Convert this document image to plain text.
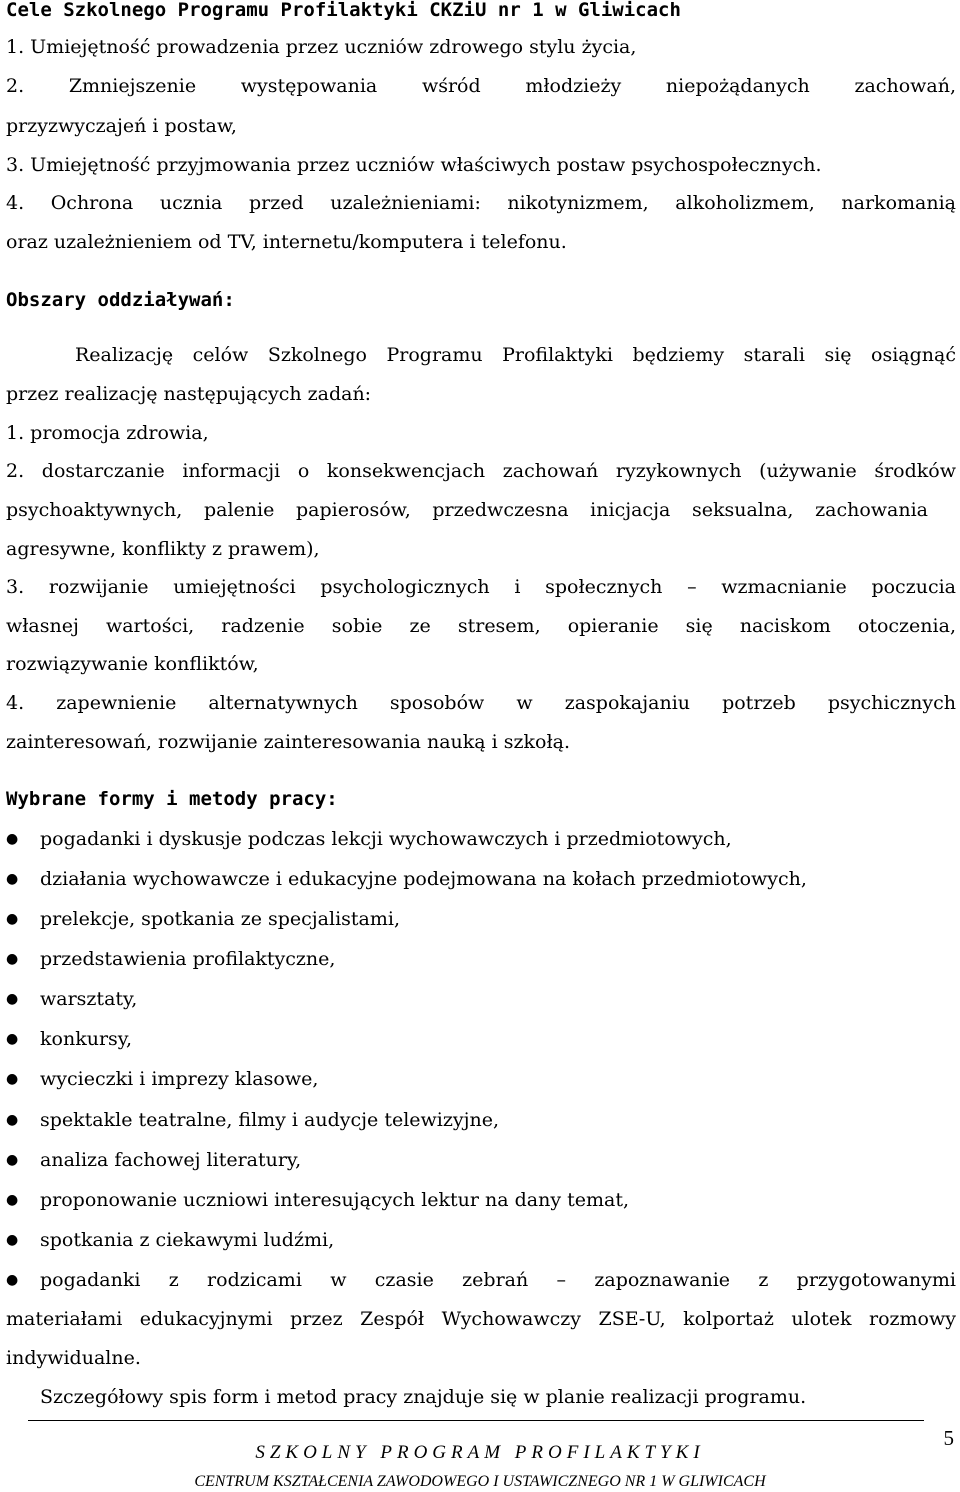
Cele Szkolnego Programu Profilaktyki CKZiU nr 1 w Gliwicach
1. Umiejętność prowadzenia przez uczniów zdrowego stylu życia,
2. Zmniejszenie występowania wśród młodzieży niepożądanych zachowań,
przyzwyczajeń i postaw,
3. Umiejętność przyjmowania przez uczniów właściwych postaw psychospołecznych.
4. Ochrona ucznia przed uzależnieniami: nikotynizmem, alkoholizmem, narkomanią
oraz uzależnieniem od TV, internetu/komputera i telefonu.
Obszary oddziaływań:
Realizację celów Szkolnego Programu Profilaktyki będziemy starali się osiągnąć
przez realizację następujących zadań:
1. promocja zdrowia,
2. dostarczanie informacji o konsekwencjach zachowań ryzykownych (używanie środków
psychoaktywnych, palenie papierosów, przedwczesna inicjacja seksualna, zachowania
agresywne, konflikty z prawem),
3. rozwijanie umiejętności psychologicznych i społecznych – wzmacnianie poczucia
własnej wartości, radzenie sobie ze stresem, opieranie się naciskom otoczenia,
rozwiązywanie konfliktów,
4. zapewnienie alternatywnych sposobów w zaspokajaniu potrzeb psychicznych
zainteresowań, rozwijanie zainteresowania nauką i szkołą.
Wybrane formy i metody pracy:
● pogadanki i dyskusje podczas lekcji wychowawczych i przedmiotowych,
● działania wychowawcze i edukacyjne podejmowana na kołach przedmiotowych,
● prelekcje, spotkania ze specjalistami,
● przedstawienia profilaktyczne,
● warsztaty,
● konkursy,
● wycieczki i imprezy klasowe,
● spektakle teatralne, filmy i audycje telewizyjne,
● analiza fachowej literatury,
● proponowanie uczniowi interesujących lektur na dany temat,
● spotkania z ciekawymi ludźmi,
● pogadanki z rodzicami w czasie zebrań – zapoznawanie z przygotowanymi
materiałami edukacyjnymi przez Zespół Wychowawczy ZSE-U, kolportaż ulotek rozmowy
indywidualne.
Szczegółowy spis form i metod pracy znajduje się w planie realizacji programu.
5
SZKOLNY PROGRAM PROFILAKTYKI
CENTRUM KSZTAŁCENIA ZAWODOWEGO I USTAWICZNEGO NR 1 W GLIWICACH
